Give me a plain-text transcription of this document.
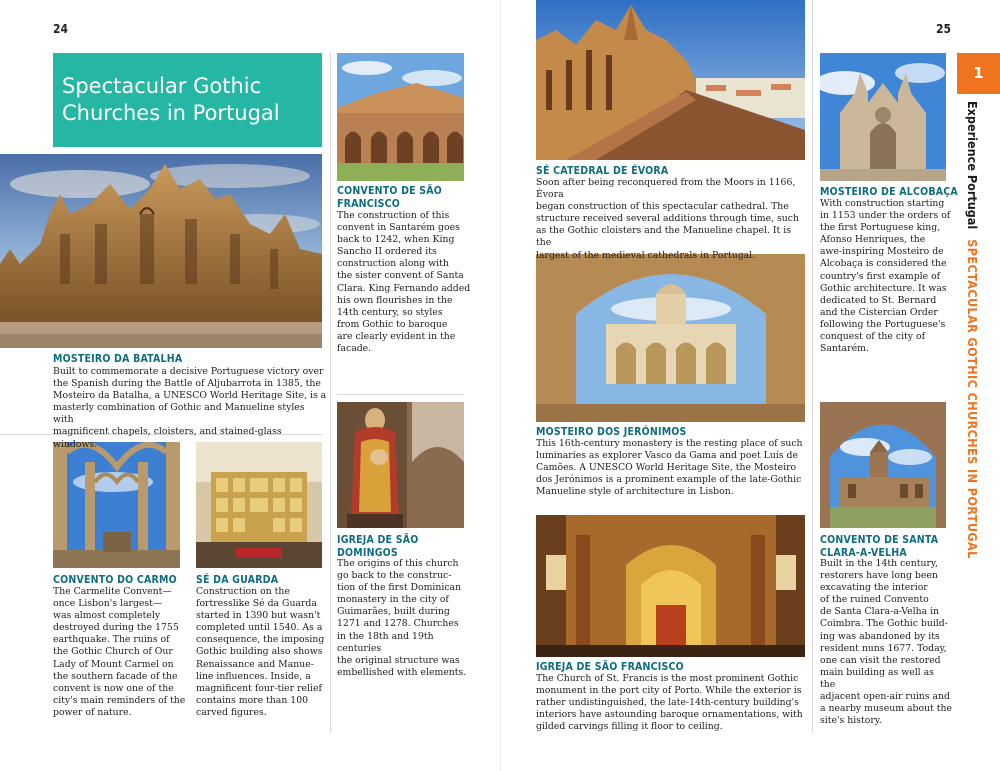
24	25
Spectacular Gothic Churches in Portugal
1
Experience PortugalSPECTACULAR GOTHIC CHURCHES IN PORTUGAL
MOSTEIRO DA BATALHA
Built to commemorate a decisive Portuguese victory over
the Spanish during the Battle of Aljubarrota in 1385, the
Mosteiro da Batalha, a UNESCO World Heritage Site, is a
masterly combination of Gothic and Manueline styles with
magnificent chapels, cloisters, and stained-glass windows.
CONVENTO DE SÃO
FRANCISCO
The construction of this
convent in Santarém goes
back to 1242, when King
Sancho II ordered its
construction along with
the sister convent of Santa
Clara. King Fernando added
his own flourishes in the
14th century, so styles
from Gothic to baroque
are clearly evident in the
facade.
CONVENTO DO CARMO
The Carmelite Convent—
once Lisbon's largest—
was almost completely
destroyed during the 1755
earthquake. The ruins of
the Gothic Church of Our
Lady of Mount Carmel on
the southern facade of the
convent is now one of the
city's main reminders of the
power of nature.
SÉ DA GUARDA
Construction on the
fortresslike Sé da Guarda
started in 1390 but wasn't
completed until 1540. As a
consequence, the imposing
Gothic building also shows
Renaissance and Manue-
line influences. Inside, a
magnificent four-tier relief
contains more than 100
carved figures.
IGREJA DE SÃO
DOMINGOS
The origins of this church
go back to the construc-
tion of the first Dominican
monastery in the city of
Guimarães, built during
1271 and 1278. Churches
in the 18th and 19th centuries
the original structure was
embellished with elements.
SÉ CATEDRAL DE ÉVORA
Soon after being reconquered from the Moors in 1166, Évora
began construction of this spectacular cathedral. The
structure received several additions through time, such
as the Gothic cloisters and the Manueline chapel. It is the
largest of the medieval cathedrals in Portugal.
MOSTEIRO DOS JERÓNIMOS
This 16th-century monastery is the resting place of such
luminaries as explorer Vasco da Gama and poet Luís de
Camões. A UNESCO World Heritage Site, the Mosteiro
dos Jerónimos is a prominent example of the late-Gothic
Manueline style of architecture in Lisbon.
IGREJA DE SÃO FRANCISCO
The Church of St. Francis is the most prominent Gothic
monument in the port city of Porto. While the exterior is
rather undistinguished, the late-14th-century building's
interiors have astounding baroque ornamentations, with
gilded carvings filling it floor to ceiling.
MOSTEIRO DE ALCOBAÇA
With construction starting
in 1153 under the orders of
the first Portuguese king,
Afonso Henriques, the
awe-inspiring Mosteiro de
Alcobaça is considered the
country's first example of
Gothic architecture. It was
dedicated to St. Bernard
and the Cistercian Order
following the Portuguese's
conquest of the city of
Santarém.
CONVENTO DE SANTA
CLARA-A-VELHA
Built in the 14th century,
restorers have long been
excavating the interior
of the ruined Convento
de Santa Clara-a-Velha in
Coimbra. The Gothic build-
ing was abandoned by its
resident nuns 1677. Today,
one can visit the restored
main building as well as the
adjacent open-air ruins and
a nearby museum about the
site's history.
